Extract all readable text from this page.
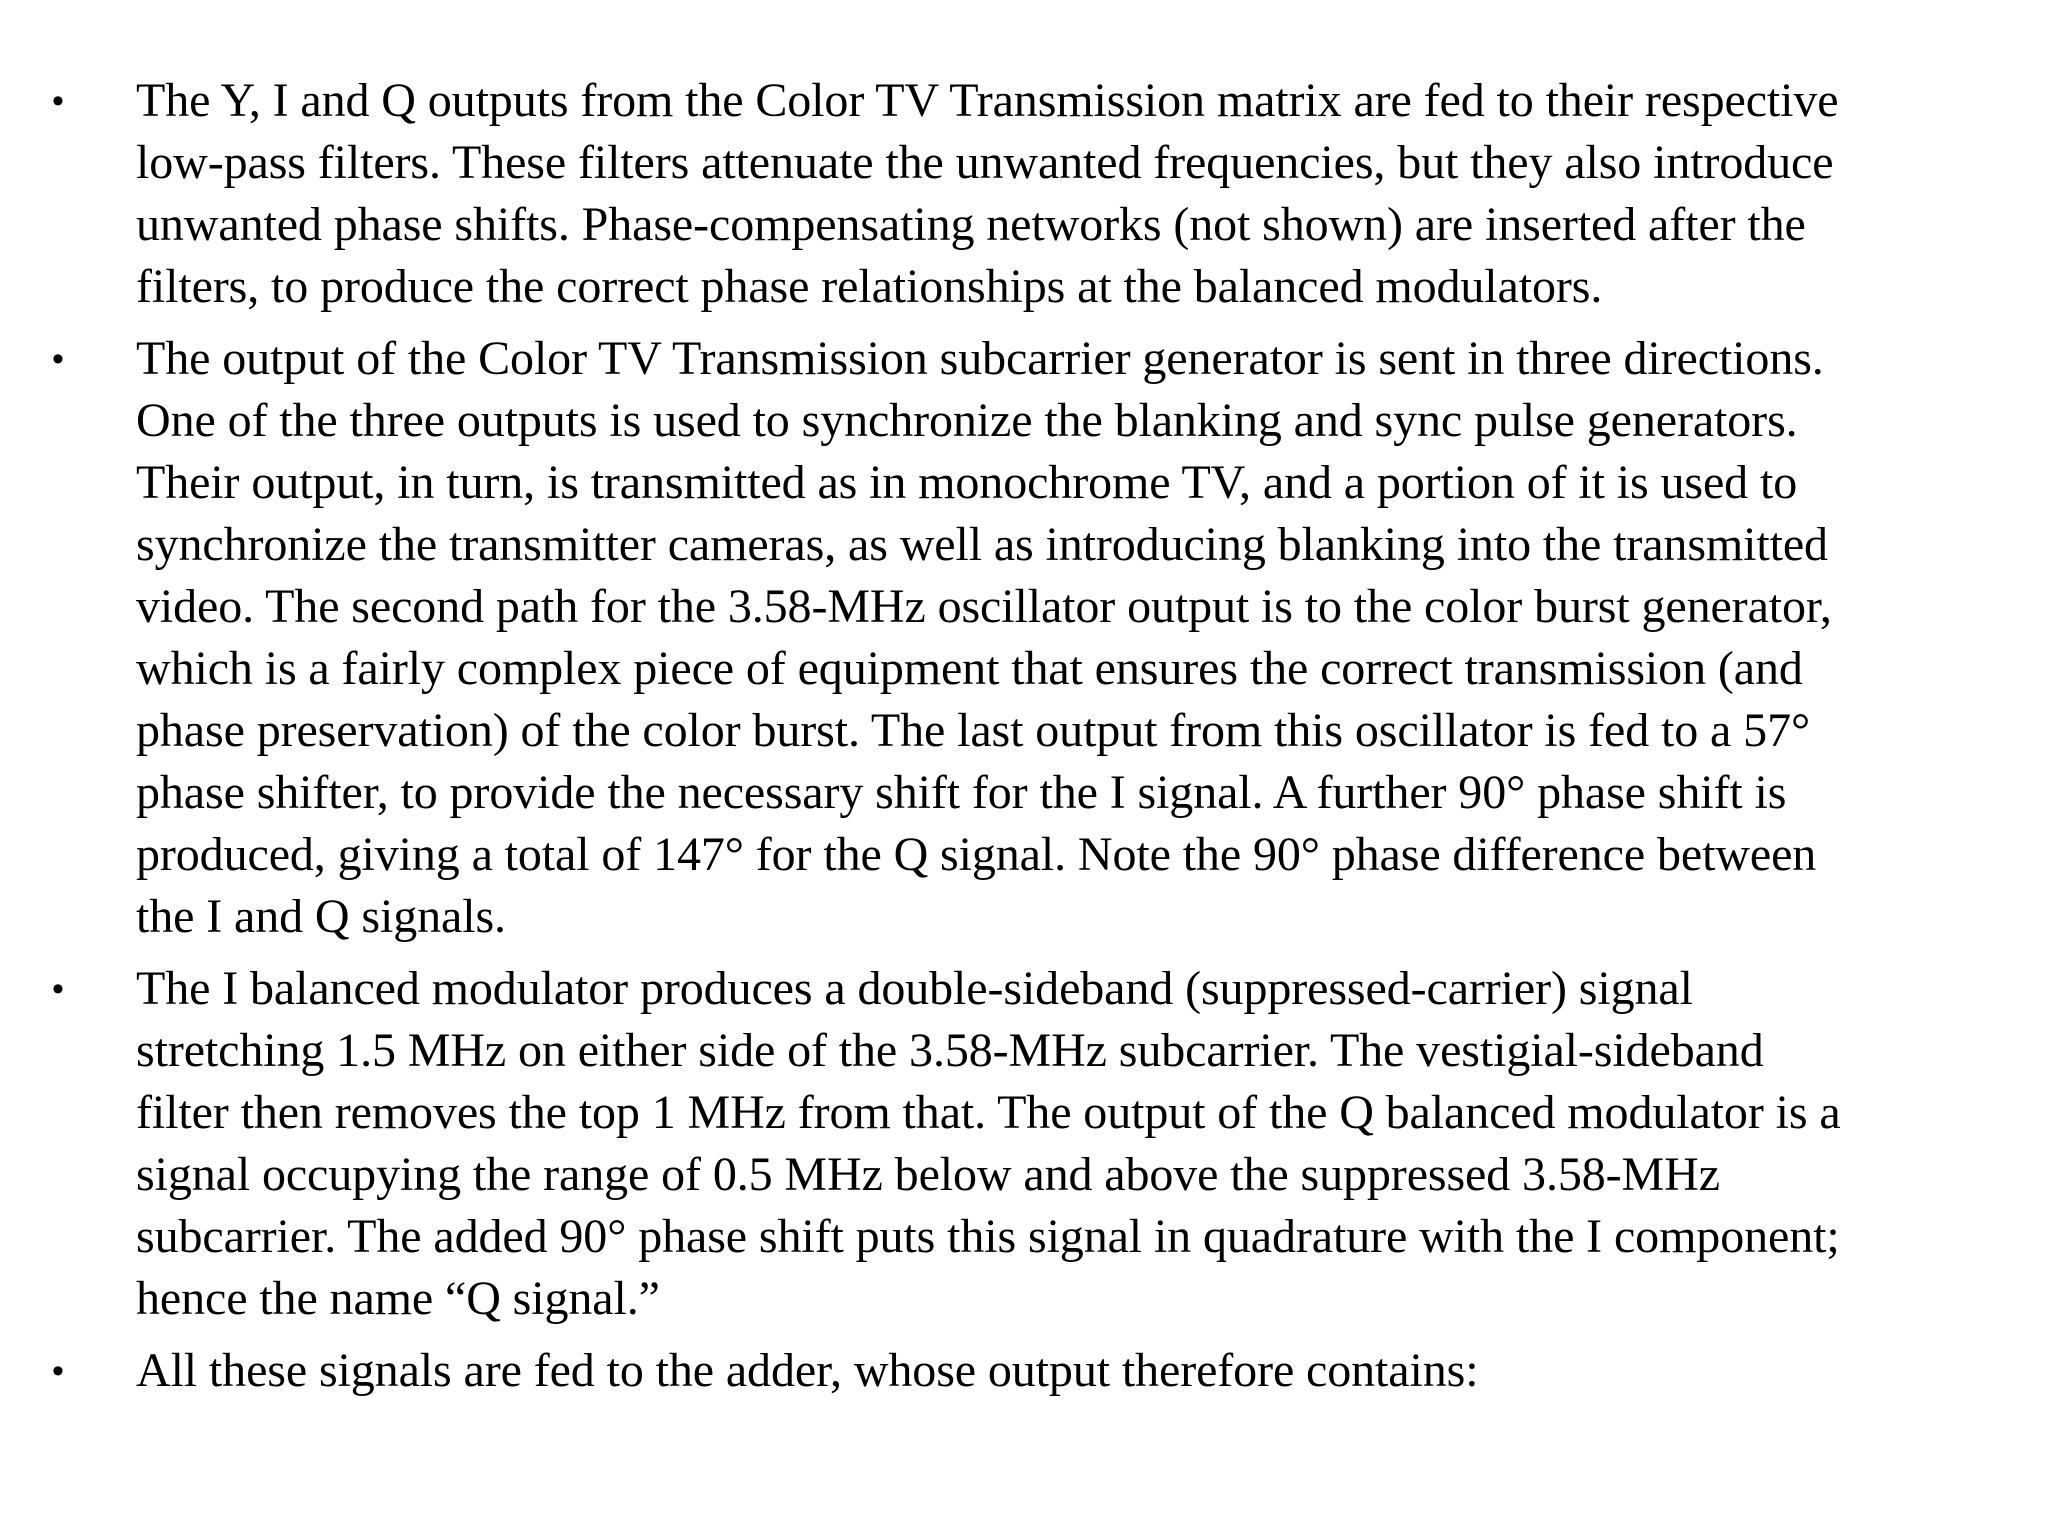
•	The Y, I and Q outputs from the Color TV Transmission matrix are fed to their respective
low-pass filters. These filters attenuate the unwanted frequencies, but they also introduce
unwanted phase shifts. Phase-compensating networks (not shown) are inserted after the
filters, to produce the correct phase relationships at the balanced modulators.
•	The output of the Color TV Transmission subcarrier generator is sent in three directions.
One of the three outputs is used to synchronize the blanking and sync pulse generators.
Their output, in turn, is transmitted as in monochrome TV, and a portion of it is used to
synchronize the transmitter cameras, as well as introducing blanking into the transmitted
video. The second path for the 3.58-MHz oscillator output is to the color burst generator,
which is a fairly complex piece of equipment that ensures the correct transmission (and
phase preservation) of the color burst. The last output from this oscillator is fed to a 57°
phase shifter, to provide the necessary shift for the I signal. A further 90° phase shift is
produced, giving a total of 147° for the Q signal. Note the 90° phase difference between
the I and Q signals.
•	The I balanced modulator produces a double-sideband (suppressed-carrier) signal
stretching 1.5 MHz on either side of the 3.58-MHz subcarrier. The vestigial-sideband
filter then removes the top 1 MHz from that. The output of the Q balanced modulator is a
signal occupying the range of 0.5 MHz below and above the suppressed 3.58-MHz
subcarrier. The added 90° phase shift puts this signal in quadrature with the I component;
hence the name “Q signal.”
•	All these signals are fed to the adder, whose output therefore contains:
